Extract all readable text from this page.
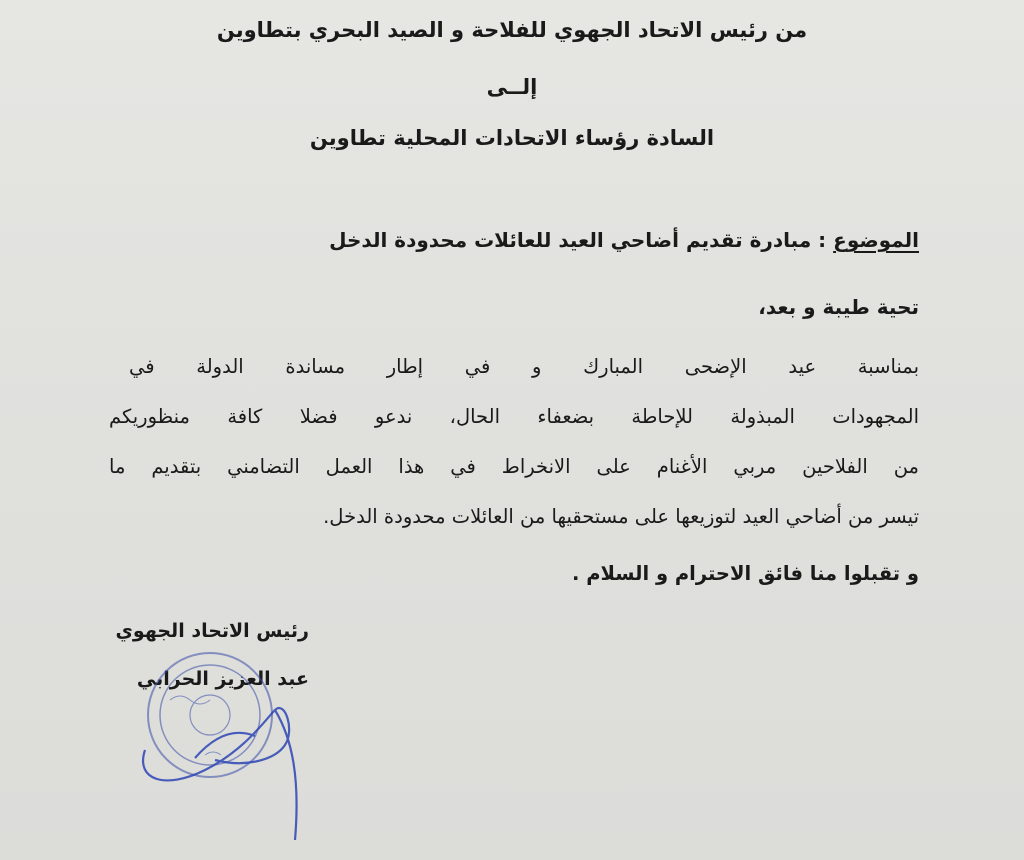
من رئيس الاتحاد الجهوي للفلاحة و الصيد البحري بتطاوين
إلــى
السادة رؤساء الاتحادات المحلية تطاوين
الموضوع : مبادرة تقديم أضاحي العيد للعائلات محدودة الدخل
تحية طيبة و بعد،
بمناسبة عيد الإضحى المبارك و في إطار مساندة الدولة في
المجهودات المبذولة للإحاطة بضعفاء الحال، ندعو فضلا كافة منظوريكم
من الفلاحين مربي الأغنام على الانخراط في هذا العمل التضامني بتقديم ما
تيسر من أضاحي العيد لتوزيعها على مستحقيها من العائلات محدودة الدخل.
و تقبلوا منا فائق الاحترام و السلام .
رئيس الاتحاد الجهوي
عبد العزيز الحرابي
